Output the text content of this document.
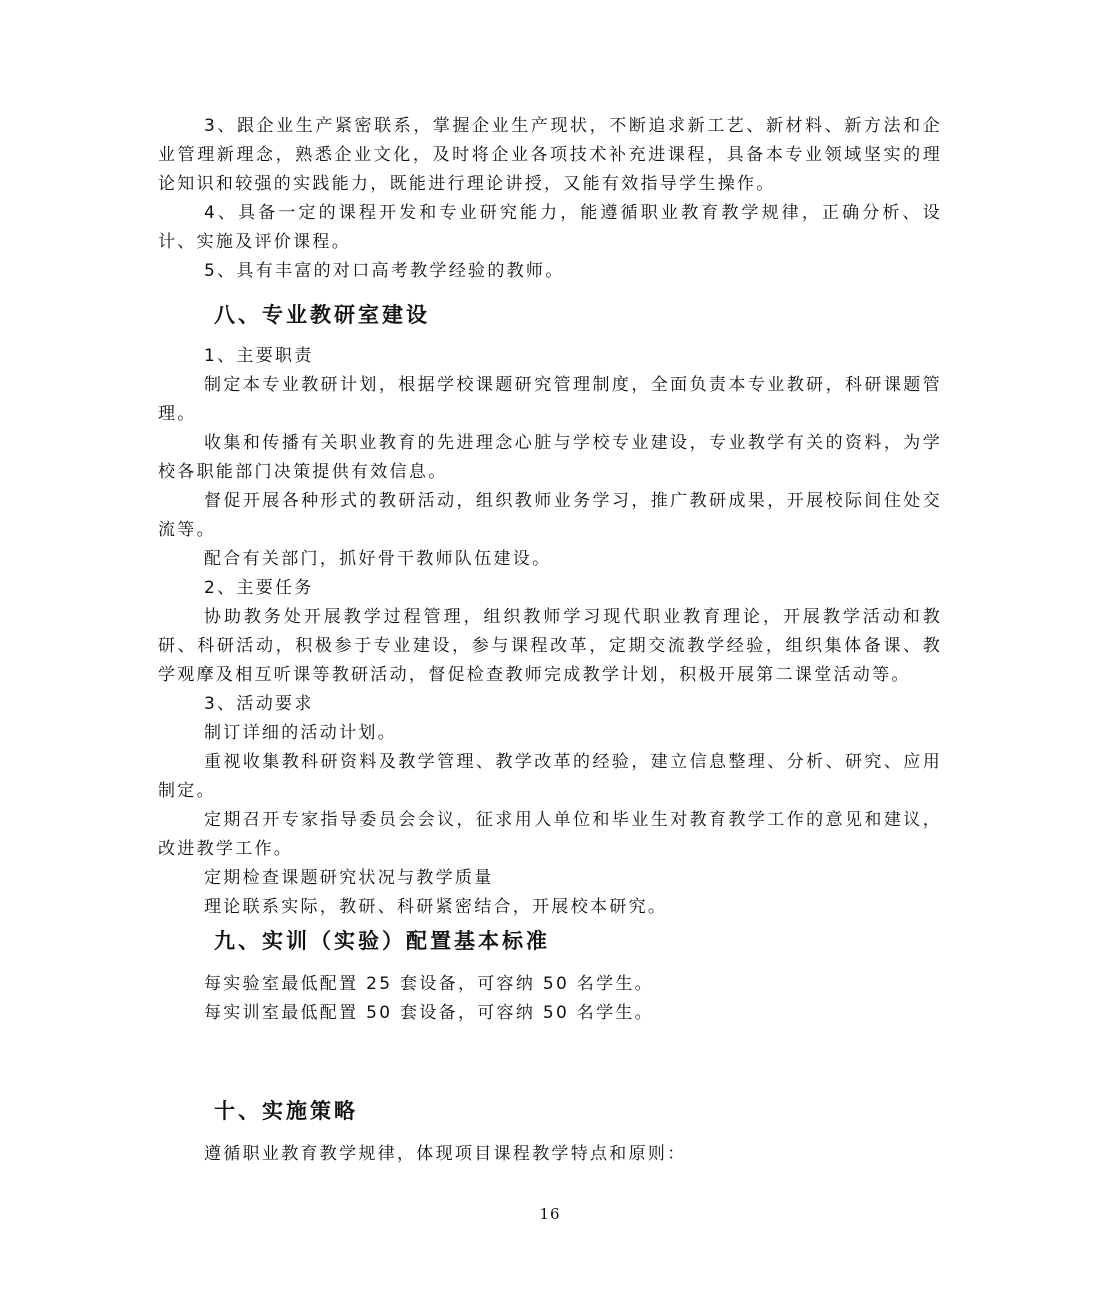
3、跟企业生产紧密联系，掌握企业生产现状，不断追求新工艺、新材料、新方法和企业管理新理念，熟悉企业文化，及时将企业各项技术补充进课程，具备本专业领域坚实的理论知识和较强的实践能力，既能进行理论讲授，又能有效指导学生操作。

4、具备一定的课程开发和专业研究能力，能遵循职业教育教学规律，正确分析、设计、实施及评价课程。

5、具有丰富的对口高考教学经验的教师。

八、专业教研室建设

1、主要职责

制定本专业教研计划，根据学校课题研究管理制度，全面负责本专业教研，科研课题管理。

收集和传播有关职业教育的先进理念心脏与学校专业建设，专业教学有关的资料，为学校各职能部门决策提供有效信息。

督促开展各种形式的教研活动，组织教师业务学习，推广教研成果，开展校际间住处交流等。

配合有关部门，抓好骨干教师队伍建设。

2、主要任务

协助教务处开展教学过程管理，组织教师学习现代职业教育理论，开展教学活动和教研、科研活动，积极参于专业建设，参与课程改革，定期交流教学经验，组织集体备课、教学观摩及相互听课等教研活动，督促检查教师完成教学计划，积极开展第二课堂活动等。

3、活动要求

制订详细的活动计划。

重视收集教科研资料及教学管理、教学改革的经验，建立信息整理、分析、研究、应用制定。

定期召开专家指导委员会会议，征求用人单位和毕业生对教育教学工作的意见和建议，改进教学工作。

定期检查课题研究状况与教学质量

理论联系实际，教研、科研紧密结合，开展校本研究。

九、实训（实验）配置基本标准

每实验室最低配置 25 套设备，可容纳 50 名学生。

每实训室最低配置 50 套设备，可容纳 50 名学生。

十、实施策略

遵循职业教育教学规律，体现项目课程教学特点和原则：

16
